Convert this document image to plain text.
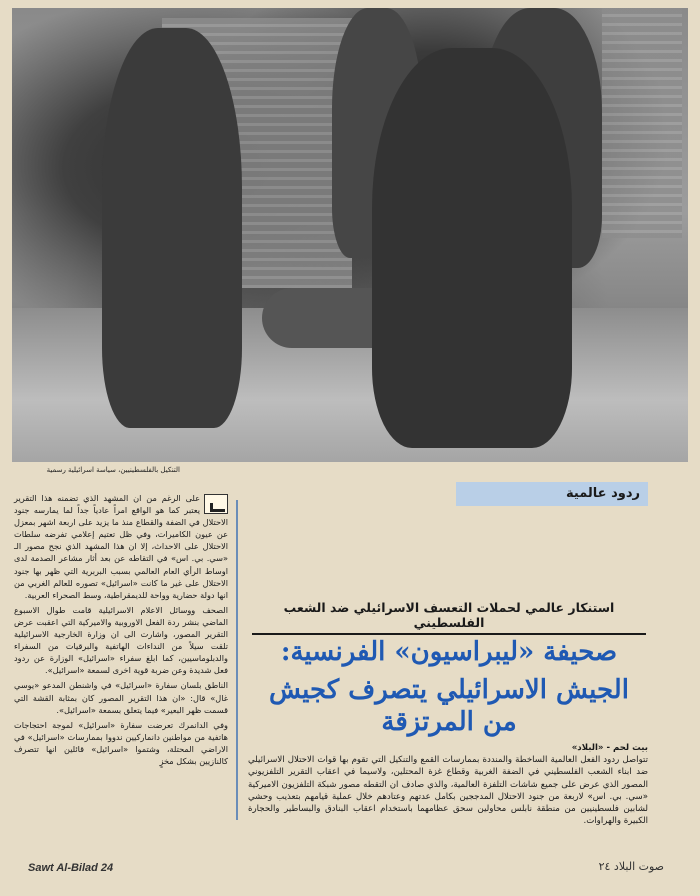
التنكيل بالفلسطينيين، سياسة اسرائيلية رسمية
ردود عالمية

على الرغم من ان المشهد الذي تضمنه هذا التقرير يعتبر كما هو الواقع امراً عادياً جداً لما يمارسه جنود الاحتلال في الضفة والقطاع منذ ما يزيد على اربعة اشهر بمعزل عن عيون الكاميرات، وفي ظل تعتيم إعلامي تفرضه سلطات الاحتلال على الاحداث، إلا ان هذا المشهد الذي نجح مصور الـ «سي. بي. اس» في التقاطه عن بعد أثار مشاعر الصدمة لدى اوساط الرأي العام العالمي بسبب البربرية التي ظهر بها جنود الاحتلال على غير ما كانت «اسرائيل» تصوره للعالم الغربي من انها دولة حضارية وواحة للديمقراطية، وسط الصحراء العربية.

الصحف ووسائل الاعلام الاسرائيلية قامت طوال الاسبوع الماضي بنشر ردة الفعل الاوروبية والاميركية التي اعقبت عرض التقرير المصور، واشارت الى ان وزارة الخارجية الاسرائيلية تلقت سيلاً من النداءات الهاتفية والبرقيات من السفراء والدبلوماسيين، كما ابلغ سفراء «اسرائيل» الوزارة عن ردود فعل شديدة وعن ضربة قوية اخرى لسمعة «اسرائيل».

الناطق بلسان سفارة «اسرائيل» في واشنطن المدعو «يوسي غال» قال: «ان هذا التقرير المصور كان بمثابة القشة التي قسمت ظهر البعير» فيما يتعلق بسمعة «اسرائيل».

وفي الدانمرك تعرضت سفارة «اسرائيل» لموجة احتجاجات هاتفية من مواطنين دانماركيين ندووا بممارسات «اسرائيل» في الاراضي المحتلة، وشتموا «اسرائيل» قائلين انها تتصرف كالنازيين بشكل مخزٍ

استنكار عالمي لحملات التعسف الاسرائيلي ضد الشعب الفلسطيني
صحيفة «ليبراسيون» الفرنسية:
الجيش الاسرائيلي يتصرف كجيش من المرتزقة
بيت لحم - «البلاد»
تتواصل ردود الفعل العالمية الساخطة والمنددة بممارسات القمع والتنكيل التي تقوم بها قوات الاحتلال الاسرائيلي ضد ابناء الشعب الفلسطيني في الضفة الغربية وقطاع غزة المحتلين، ولاسيما في اعقاب التقرير التلفزيوني المصور الذي عرض على جميع شاشات التلفزة العالمية، والذي صادف ان التقطه مصور شبكة التلفزيون الاميركية «سي. بي. اس» لاربعة من جنود الاحتلال المدججين بكامل عدتهم وعتادهم خلال عملية قيامهم بتعذيب وحشي لشابين فلسطينيين من منطقة نابلس محاولين سحق عظامهما باستخدام اعقاب البنادق والبساطير والحجارة الكبيرة والهراوات.
Sawt Al-Bilad 24	صوت البلاد ٢٤
